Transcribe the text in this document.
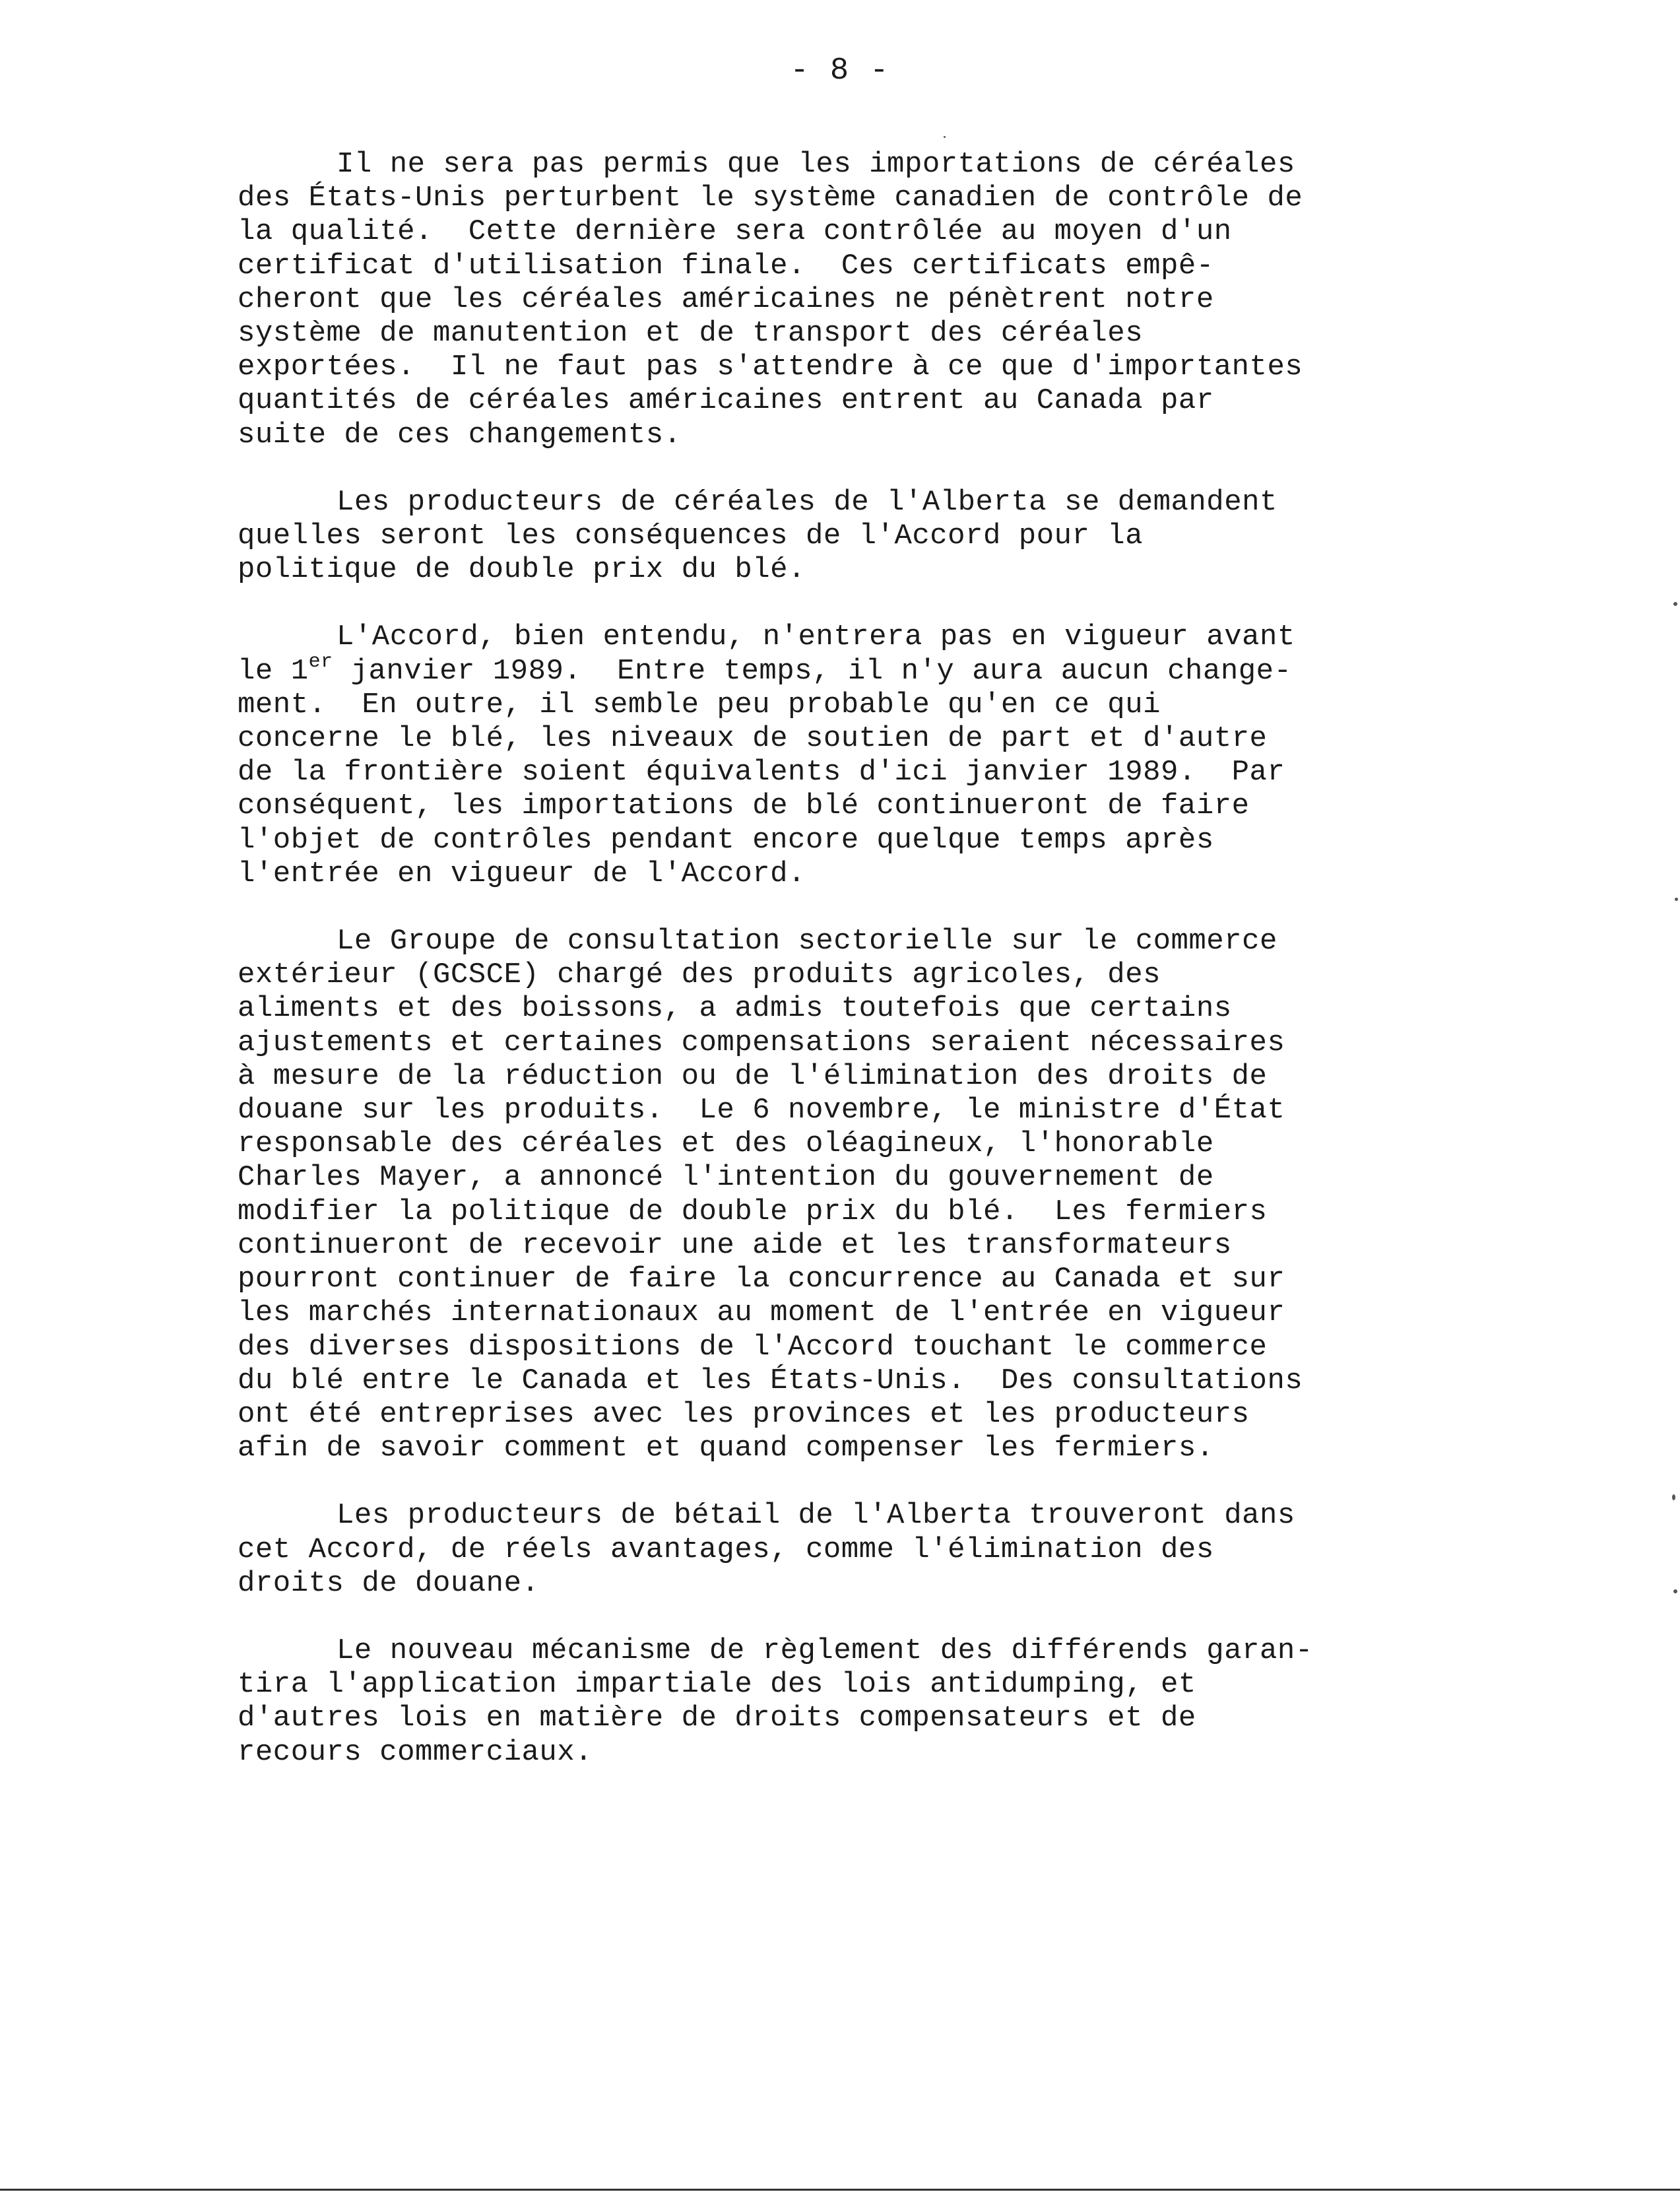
- 8 -
Il ne sera pas permis que les importations de céréales
des États-Unis perturbent le système canadien de contrôle de
la qualité.  Cette dernière sera contrôlée au moyen d'un
certificat d'utilisation finale.  Ces certificats empê-
cheront que les céréales américaines ne pénètrent notre
système de manutention et de transport des céréales
exportées.  Il ne faut pas s'attendre à ce que d'importantes
quantités de céréales américaines entrent au Canada par
suite de ces changements.
Les producteurs de céréales de l'Alberta se demandent
quelles seront les conséquences de l'Accord pour la
politique de double prix du blé.
L'Accord, bien entendu, n'entrera pas en vigueur avant
le 1er janvier 1989.  Entre temps, il n'y aura aucun change-
ment.  En outre, il semble peu probable qu'en ce qui
concerne le blé, les niveaux de soutien de part et d'autre
de la frontière soient équivalents d'ici janvier 1989.  Par
conséquent, les importations de blé continueront de faire
l'objet de contrôles pendant encore quelque temps après
l'entrée en vigueur de l'Accord.
Le Groupe de consultation sectorielle sur le commerce
extérieur (GCSCE) chargé des produits agricoles, des
aliments et des boissons, a admis toutefois que certains
ajustements et certaines compensations seraient nécessaires
à mesure de la réduction ou de l'élimination des droits de
douane sur les produits.  Le 6 novembre, le ministre d'État
responsable des céréales et des oléagineux, l'honorable
Charles Mayer, a annoncé l'intention du gouvernement de
modifier la politique de double prix du blé.  Les fermiers
continueront de recevoir une aide et les transformateurs
pourront continuer de faire la concurrence au Canada et sur
les marchés internationaux au moment de l'entrée en vigueur
des diverses dispositions de l'Accord touchant le commerce
du blé entre le Canada et les États-Unis.  Des consultations
ont été entreprises avec les provinces et les producteurs
afin de savoir comment et quand compenser les fermiers.
Les producteurs de bétail de l'Alberta trouveront dans
cet Accord, de réels avantages, comme l'élimination des
droits de douane.
Le nouveau mécanisme de règlement des différends garan-
tira l'application impartiale des lois antidumping, et
d'autres lois en matière de droits compensateurs et de
recours commerciaux.
